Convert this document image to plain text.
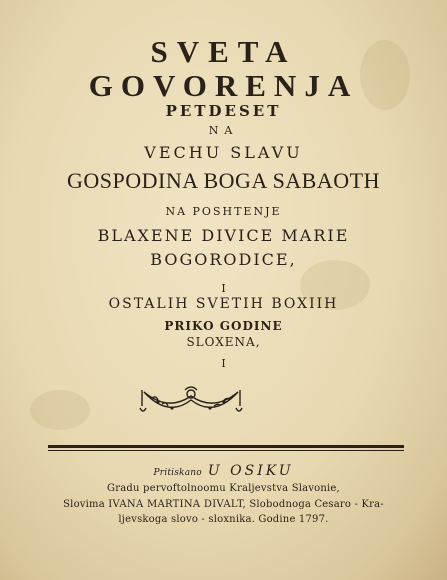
SVETA
GOVORENJA
PETDESET
NA
VECHU SLAVU
GOSPODINA BOGA SABAOTH
NA POSHTENJE
BLAXENE DIVICE MARIE
BOGORODICE,
I
OSTALIH SVETIH BOXIIH
PRIKO GODINE
SLOXENA,
I
Pritiskano U OSIKU
Gradu pervoftolnoomu Kraljevstva Slavonie,
Slovima IVANA MARTINA DIVALT, Slobodnoga Cesaro - Kra-
ljevskoga slovo - sloxnika. Godine 1797.
